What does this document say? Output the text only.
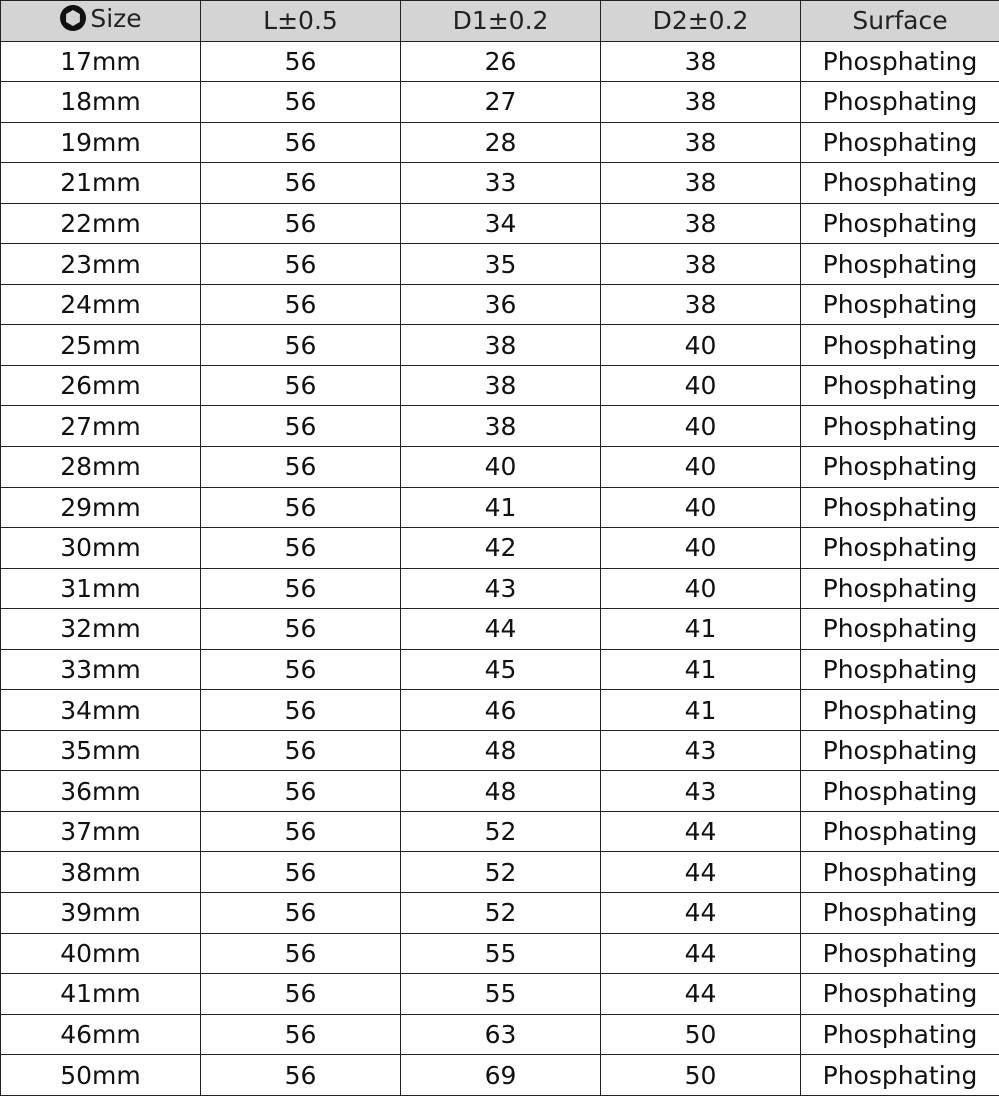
Size	L±0.5	D1±0.2	D2±0.2	Surface
17mm	56	26	38	Phosphating
18mm	56	27	38	Phosphating
19mm	56	28	38	Phosphating
21mm	56	33	38	Phosphating
22mm	56	34	38	Phosphating
23mm	56	35	38	Phosphating
24mm	56	36	38	Phosphating
25mm	56	38	40	Phosphating
26mm	56	38	40	Phosphating
27mm	56	38	40	Phosphating
28mm	56	40	40	Phosphating
29mm	56	41	40	Phosphating
30mm	56	42	40	Phosphating
31mm	56	43	40	Phosphating
32mm	56	44	41	Phosphating
33mm	56	45	41	Phosphating
34mm	56	46	41	Phosphating
35mm	56	48	43	Phosphating
36mm	56	48	43	Phosphating
37mm	56	52	44	Phosphating
38mm	56	52	44	Phosphating
39mm	56	52	44	Phosphating
40mm	56	55	44	Phosphating
41mm	56	55	44	Phosphating
46mm	56	63	50	Phosphating
50mm	56	69	50	Phosphating
